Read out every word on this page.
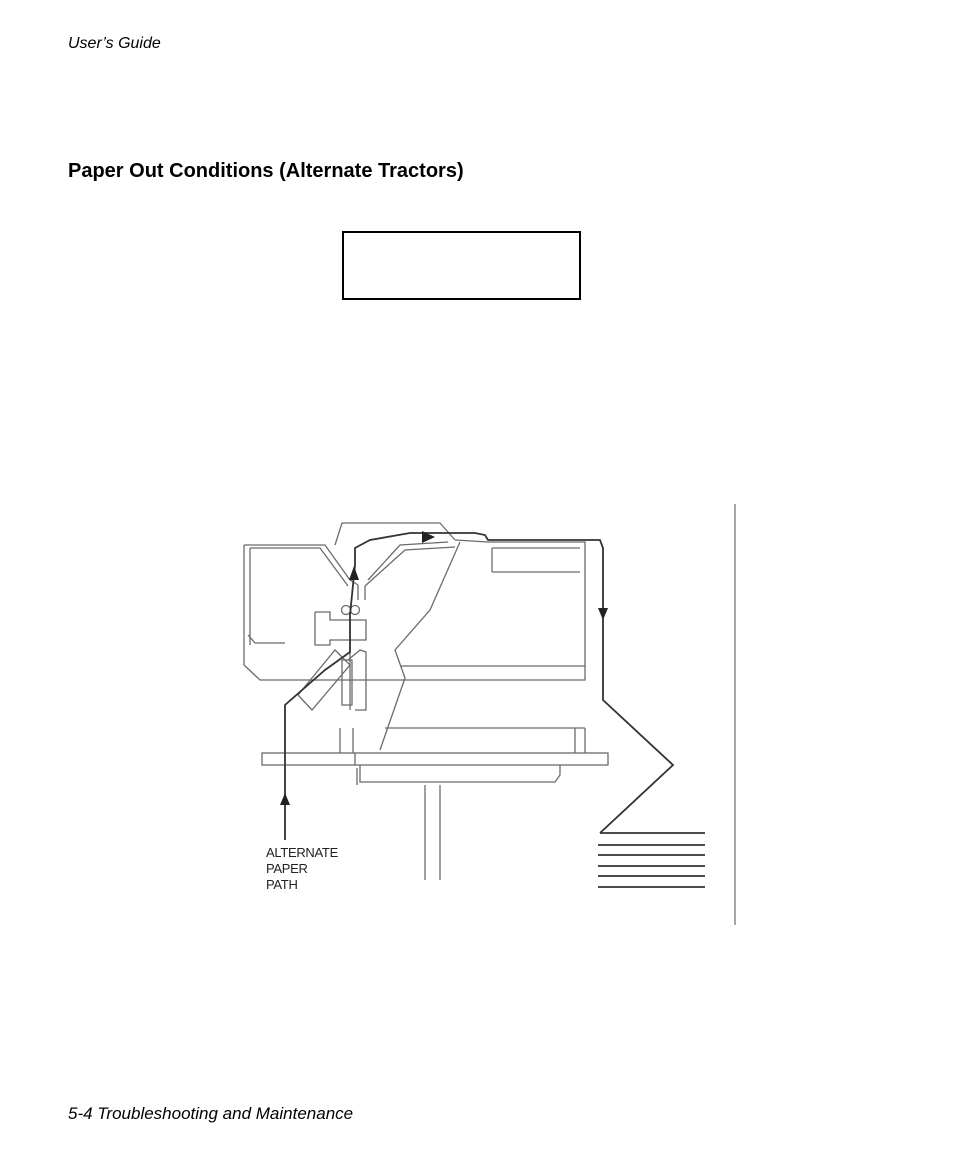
User’s Guide
Paper Out Conditions (Alternate Tractors)
ALTERNATE
PAPER
PATH
5-4 Troubleshooting and Maintenance
